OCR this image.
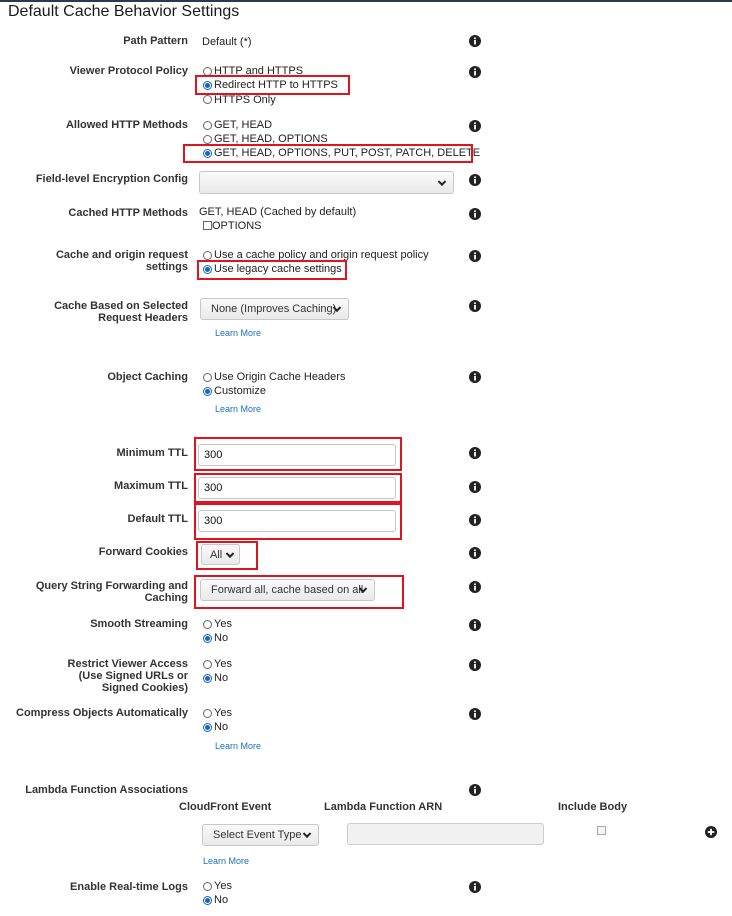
Default Cache Behavior Settings
Path Pattern Default (*)
Viewer Protocol Policy HTTP and HTTPS
Redirect HTTP to HTTPS
HTTPS Only
Allowed HTTP Methods GET, HEAD
GET, HEAD, OPTIONS
GET, HEAD, OPTIONS, PUT, POST, PATCH, DELETE
Field-level Encryption Config
Cached HTTP Methods GET, HEAD (Cached by default)
OPTIONS
Cache and origin request
settings
Use a cache policy and origin request policy
Use legacy cache settings
Cache Based on Selected
Request Headers
None (Improves Caching)
Learn More
Object Caching Use Origin Cache Headers
Customize
Learn More
Minimum TTL	300
Maximum TTL	300
Default TTL	300
Forward Cookies All
Query String Forwarding and
Caching
Forward all, cache based on all
Smooth Streaming Yes
No
Restrict Viewer Access
(Use Signed URLs or
Signed Cookies)
Yes
No
Compress Objects Automatically Yes
No
Learn More
Lambda Function Associations
CloudFront Event	Lambda Function ARN	Include Body
Select Event Type
Learn More
Enable Real-time Logs Yes
No
